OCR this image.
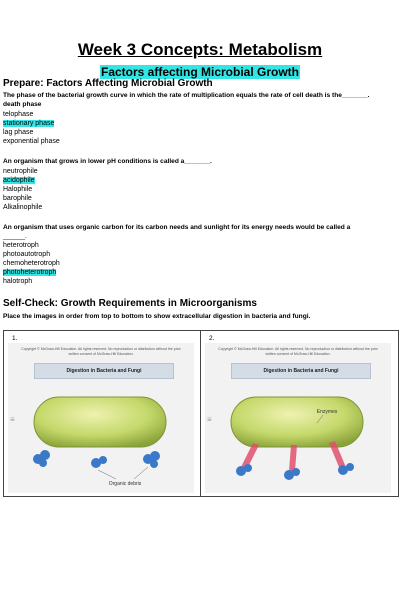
Week 3 Concepts: Metabolism
Factors affecting Microbial Growth
Prepare: Factors Affecting Microbial Growth
The phase of the bacterial growth curve in which the rate of multiplication equals the rate of cell death is the_______.
death phase
telophase
stationary phase
lag phase
exponential phase
An organism that grows in lower pH conditions is called a_______.
neutrophile
acidophile
Halophile
barophile
Alkalinophile
An organism that uses organic carbon for its carbon needs and sunlight for its energy needs would be called a
______.
heterotroph
photoautotroph
chemoheterotroph
photoheterotroph
halotroph
Self-Check: Growth Requirements in Microorganisms
Place the images in order from top to bottom to show extracellular digestion in bacteria and fungi.
1.
Copyright © McGraw-Hill Education. All rights reserved. No reproduction or distribution without the prior written consent of McGraw-Hill Education.
Digestion in Bacteria and Fungi
≡
Organic debris
2.
Copyright © McGraw-Hill Education. All rights reserved. No reproduction or distribution without the prior written consent of McGraw-Hill Education.
Digestion in Bacteria and Fungi
≡
Enzymes
